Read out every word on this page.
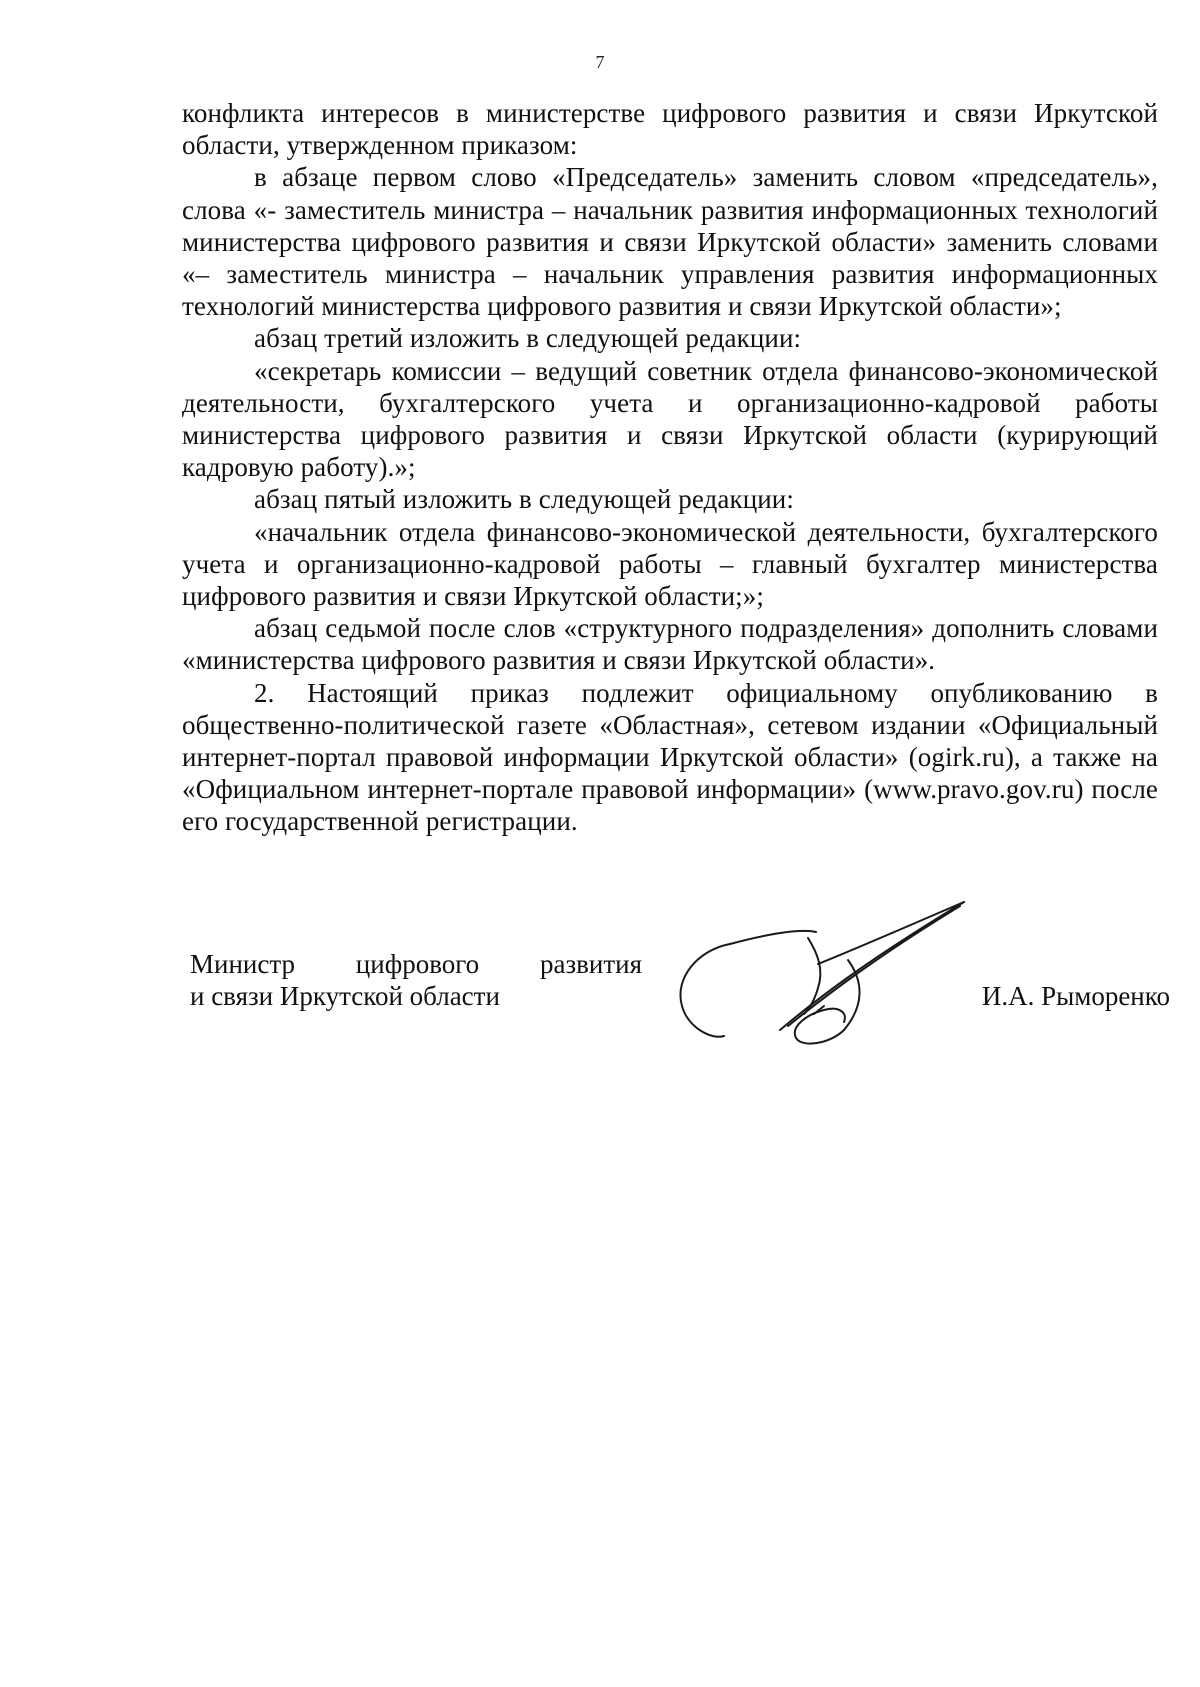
7

конфликта интересов в министерстве цифрового развития и связи Иркутской области, утвержденном приказом:

в абзаце первом слово «Председатель» заменить словом «председатель», слова «- заместитель министра – начальник развития информационных технологий министерства цифрового развития и связи Иркутской области» заменить словами «– заместитель министра – начальник управления развития информационных технологий министерства цифрового развития и связи Иркутской области»;

абзац третий изложить в следующей редакции:

«секретарь комиссии – ведущий советник отдела финансово-экономической деятельности, бухгалтерского учета и организационно-кадровой работы министерства цифрового развития и связи Иркутской области (курирующий кадровую работу).»;

абзац пятый изложить в следующей редакции:

«начальник отдела финансово-экономической деятельности, бухгалтерского учета и организационно-кадровой работы – главный бухгалтер министерства цифрового развития и связи Иркутской области;»;

абзац седьмой после слов «структурного подразделения» дополнить словами «министерства цифрового развития и связи Иркутской области».

2. Настоящий приказ подлежит официальному опубликованию в общественно-политической газете «Областная», сетевом издании «Официальный интернет-портал правовой информации Иркутской области» (ogirk.ru), а также на «Официальном интернет-портале правовой информации» (www.pravo.gov.ru) после его государственной регистрации.

Министр цифрового развития
и связи Иркутской области	И.А. Рыморенко
